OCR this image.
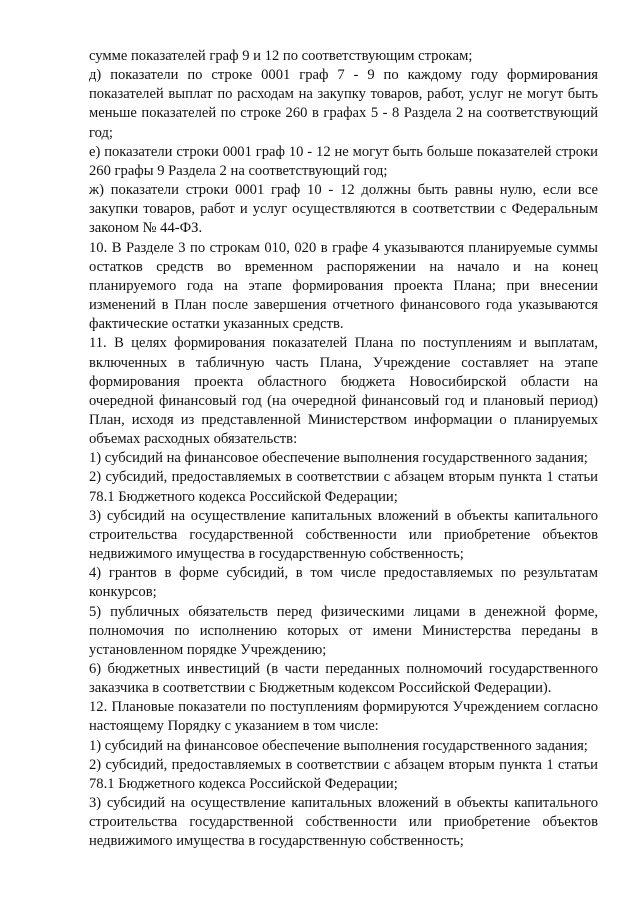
сумме показателей граф 9 и 12 по соответствующим строкам;

д) показатели по строке 0001 граф 7 - 9 по каждому году формирования показателей выплат по расходам на закупку товаров, работ, услуг не могут быть меньше показателей по строке 260 в графах 5 - 8 Раздела 2 на соответствующий год;

е) показатели строки 0001 граф 10 - 12 не могут быть больше показателей строки 260 графы 9 Раздела 2 на соответствующий год;

ж) показатели строки 0001 граф 10 - 12 должны быть равны нулю, если все закупки товаров, работ и услуг осуществляются в соответствии с Федеральным законом № 44-ФЗ.

10. В Разделе 3 по строкам 010, 020 в графе 4 указываются планируемые суммы остатков средств во временном распоряжении на начало и на конец планируемого года на этапе формирования проекта Плана; при внесении изменений в План после завершения отчетного финансового года указываются фактические остатки указанных средств.

11. В целях формирования показателей Плана по поступлениям и выплатам, включенных в табличную часть Плана, Учреждение составляет на этапе формирования проекта областного бюджета Новосибирской области на очередной финансовый год (на очередной финансовый год и плановый период) План, исходя из представленной Министерством информации о планируемых объемах расходных обязательств:

1) субсидий на финансовое обеспечение выполнения государственного задания;

2) субсидий, предоставляемых в соответствии с абзацем вторым пункта 1 статьи 78.1 Бюджетного кодекса Российской Федерации;

3) субсидий на осуществление капитальных вложений в объекты капитального строительства государственной собственности или приобретение объектов недвижимого имущества в государственную собственность;

4) грантов в форме субсидий, в том числе предоставляемых по результатам конкурсов;

5) публичных обязательств перед физическими лицами в денежной форме, полномочия по исполнению которых от имени Министерства переданы в установленном порядке Учреждению;

6) бюджетных инвестиций (в части переданных полномочий государственного заказчика в соответствии с Бюджетным кодексом Российской Федерации).

12. Плановые показатели по поступлениям формируются Учреждением согласно настоящему Порядку с указанием в том числе:

1) субсидий на финансовое обеспечение выполнения государственного задания;

2) субсидий, предоставляемых в соответствии с абзацем вторым пункта 1 статьи 78.1 Бюджетного кодекса Российской Федерации;

3) субсидий на осуществление капитальных вложений в объекты капитального строительства государственной собственности или приобретение объектов недвижимого имущества в государственную собственность;
